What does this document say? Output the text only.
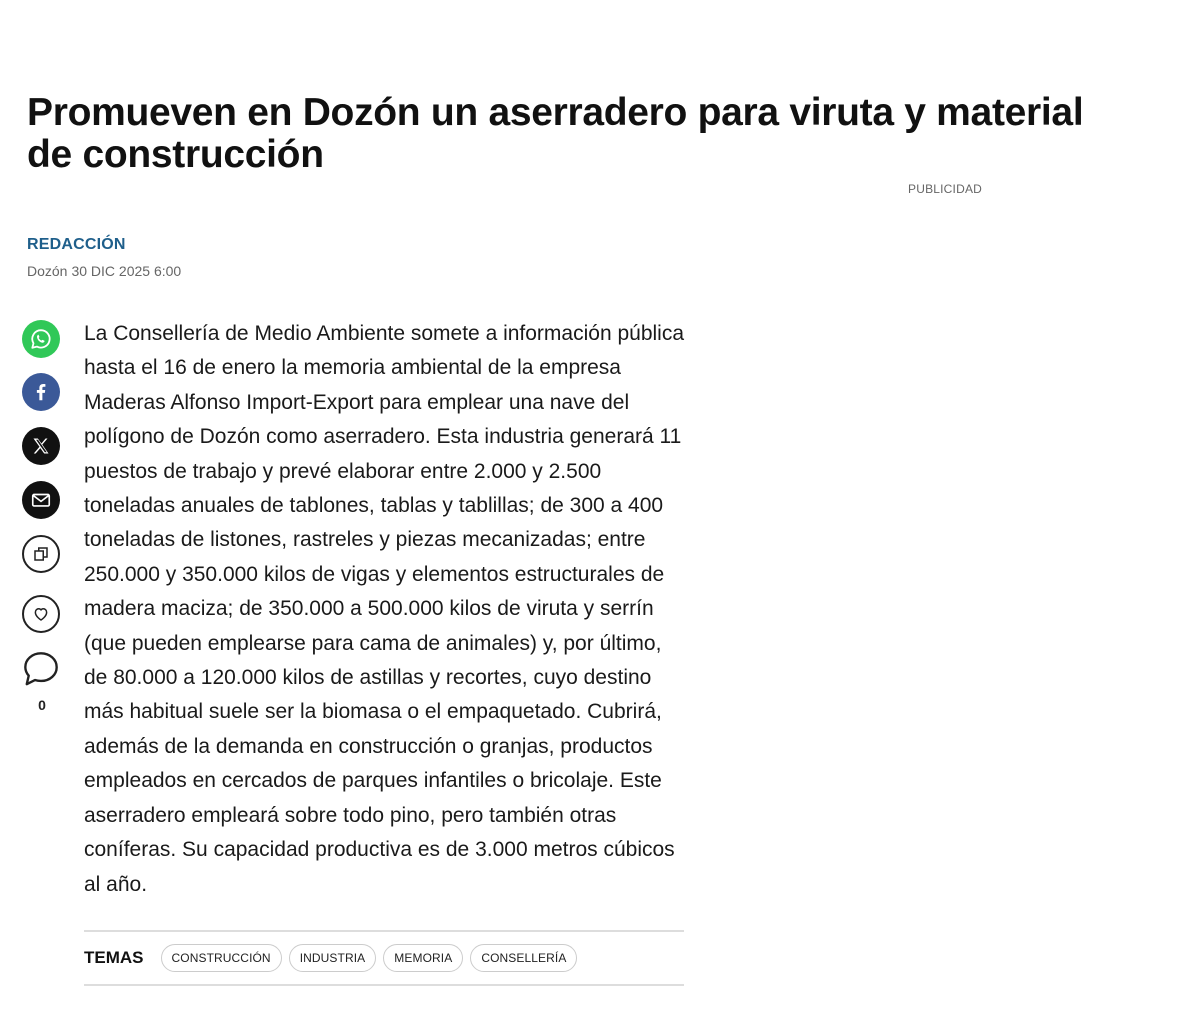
Promueven en Dozón un aserradero para viruta y material de construcción
PUBLICIDAD
REDACCIÓN
Dozón 30 DIC 2025 6:00
0

La Consellería de Medio Ambiente somete a información pública hasta el 16 de enero la memoria ambiental de la empresa Maderas Alfonso Import-Export para emplear una nave del polígono de Dozón como aserradero. Esta industria generará 11 puestos de trabajo y prevé elaborar entre 2.000 y 2.500 toneladas anuales de tablones, tablas y tablillas; de 300 a 400 toneladas de listones, rastreles y piezas mecanizadas; entre 250.000 y 350.000 kilos de vigas y elementos estructurales de madera maciza; de 350.000 a 500.000 kilos de viruta y serrín (que pueden emplearse para cama de animales) y, por último, de 80.000 a 120.000 kilos de astillas y recortes, cuyo destino más habitual suele ser la biomasa o el empaquetado. Cubrirá, además de la demanda en construcción o granjas, productos empleados en cercados de parques infantiles o bricolaje. Este aserradero empleará sobre todo pino, pero también otras coníferas. Su capacidad productiva es de 3.000 metros cúbicos al año.

TEMAS	CONSTRUCCIÓN	INDUSTRIA	MEMORIA	CONSELLERÍA
